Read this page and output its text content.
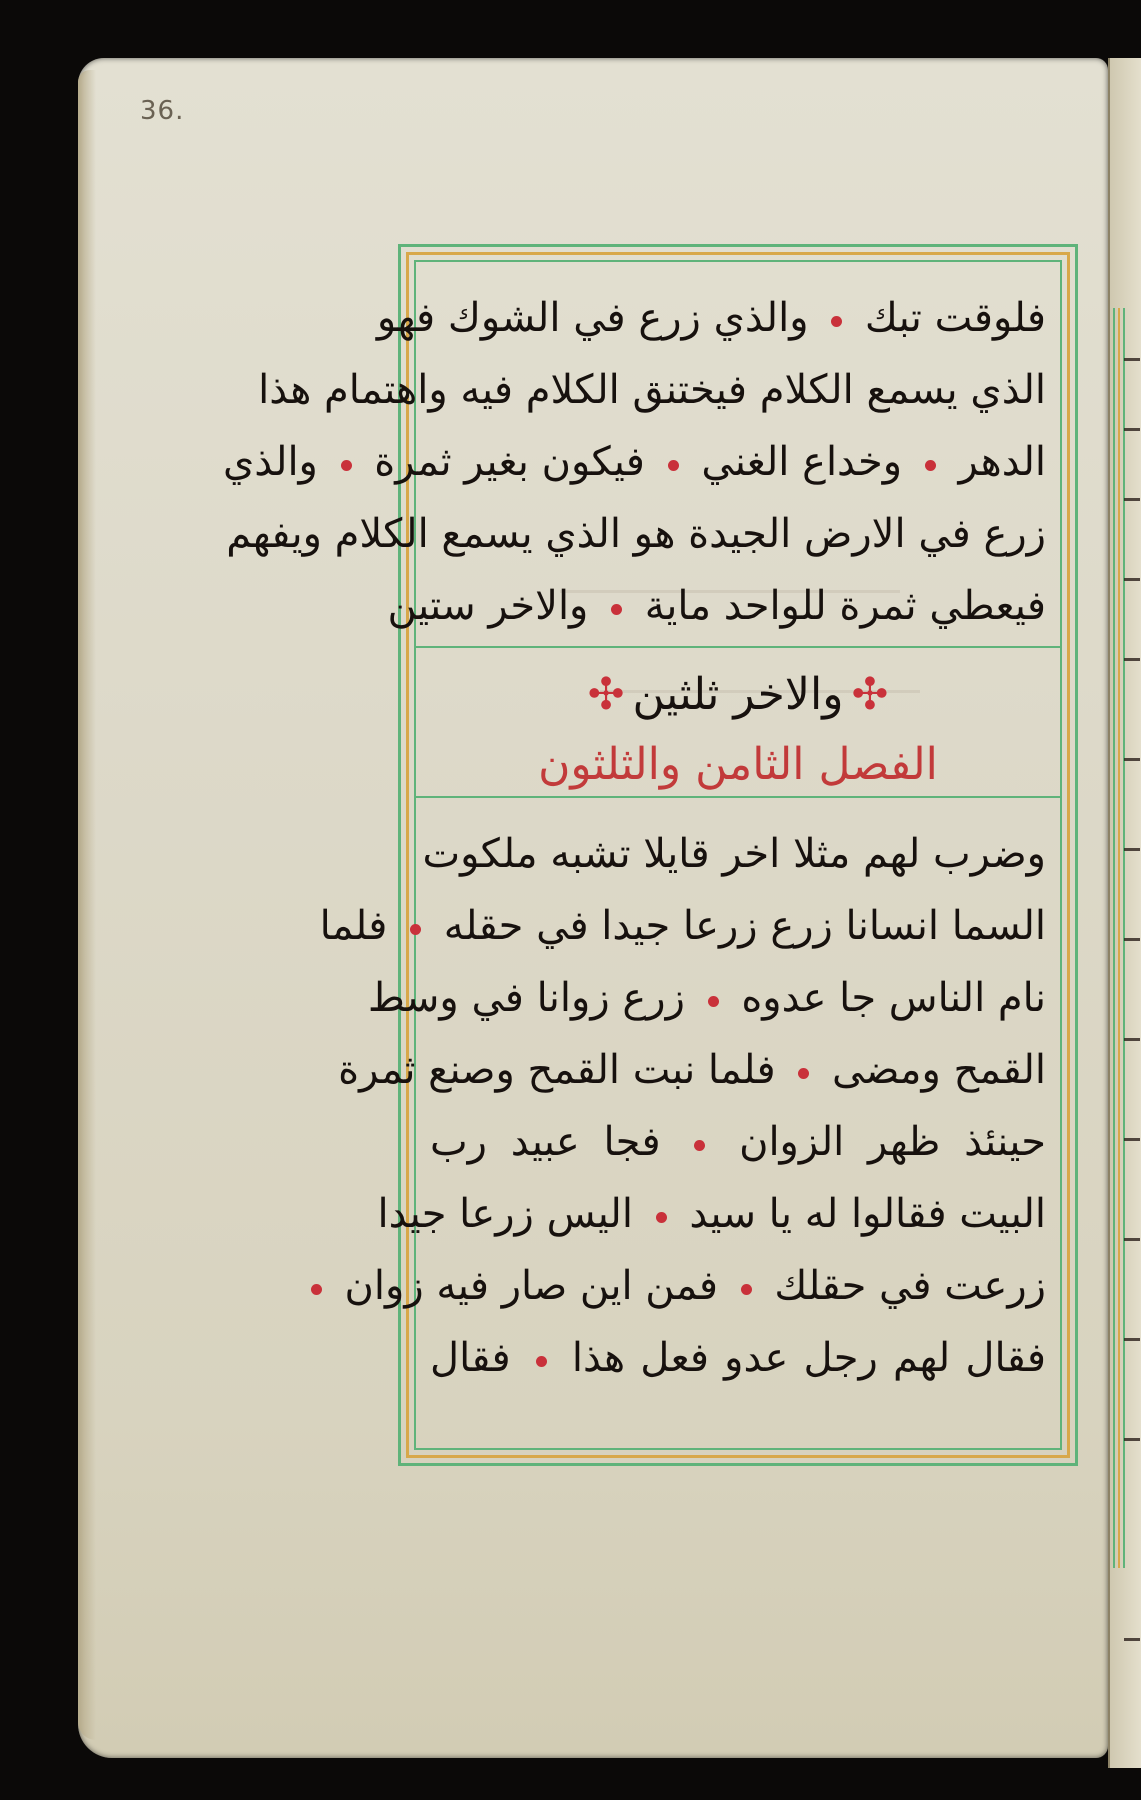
36.
فلوقت تبك  والذي زرع في الشوك فهو
الذي يسمع الكلام فيختنق الكلام فيه واهتمام هذا
الدهر  وخداع الغني  فيكون بغير ثمرة  والذي
زرع في الارض الجيدة هو الذي يسمع الكلام ويفهم
فيعطي ثمرة للواحد ماية  والاخر ستين
✣والاخر ثلثين✣
الفصل الثامن والثلثون
وضرب لهم مثلا اخر قايلا تشبه ملكوت
السما انسانا زرع زرعا جيدا في حقله  فلما
نام الناس جا عدوه  زرع زوانا في وسط
القمح ومضى  فلما نبت القمح وصنع ثمرة
حينئذ ظهر الزوان  فجا عبيد رب
البيت فقالوا له يا سيد  اليس زرعا جيدا
زرعت في حقلك  فمن اين صار فيه زوان
فقال لهم رجل عدو فعل هذا  فقال
